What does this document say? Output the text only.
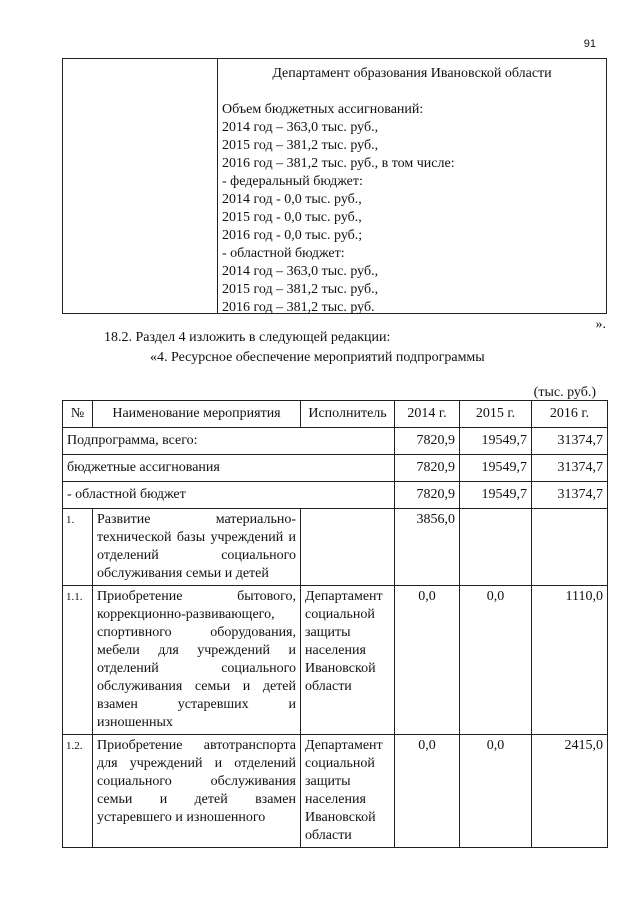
91
Департамент образования Ивановской области
Объем бюджетных ассигнований:
2014 год – 363,0 тыс. руб.,
2015 год – 381,2 тыс. руб.,
2016 год – 381,2 тыс. руб., в том числе:
- федеральный бюджет:
2014 год - 0,0 тыс. руб.,
2015 год - 0,0 тыс. руб.,
2016 год - 0,0 тыс. руб.;
- областной бюджет:
2014 год – 363,0 тыс. руб.,
2015 год – 381,2 тыс. руб.,
2016 год – 381,2 тыс. руб.
».
18.2. Раздел 4 изложить в следующей редакции:
«4. Ресурсное обеспечение мероприятий подпрограммы
(тыс. руб.)
№	Наименование мероприятия	Исполнитель	2014 г.	2015 г.	2016 г.
Подпрограмма, всего:			7820,9	19549,7	31374,7
бюджетные ассигнования			7820,9	19549,7	31374,7
- областной бюджет			7820,9	19549,7	31374,7
1.	Развитие материально-технической базы учреждений и отделений социального обслуживания семьи и детей		3856,0		
1.1.	Приобретение бытового, коррекционно-развивающего, спортивного оборудования, мебели для учреждений и отделений социального обслуживания семьи и детей взамен устаревших и изношенных	Департамент социальной защиты населения Ивановской области	0,0	0,0	1110,0
1.2.	Приобретение автотранспорта для учреждений и отделений социального обслуживания семьи и детей взамен устаревшего и изношенного	Департамент социальной защиты населения Ивановской области	0,0	0,0	2415,0
